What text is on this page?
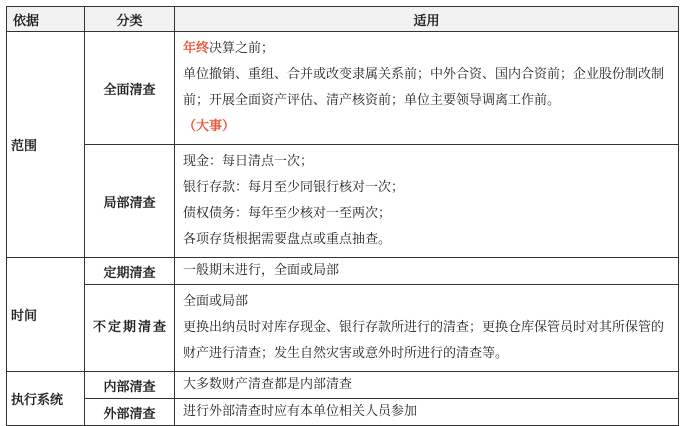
依据	分类	适用
范围	全面清查	年终决算之前；

单位撤销、重组、合并或改变隶属关系前；中外合资、国内合资前；企业股份制改制前；开展全面资产评估、清产核资前；单位主要领导调离工作前。

（大事）

	局部清查	现金：每日清点一次；

银行存款：每月至少同银行核对一次；

债权债务：每年至少核对一至两次；

各项存货根据需要盘点或重点抽查。

时间	定期清查	一般期末进行，全面或局部
	不定期清查	全面或局部

更换出纳员时对库存现金、银行存款所进行的清查；更换仓库保管员时对其所保管的财产进行清查；发生自然灾害或意外时所进行的清查等。

执行系统	内部清查	大多数财产清查都是内部清查
	外部清查	进行外部清查时应有本单位相关人员参加
